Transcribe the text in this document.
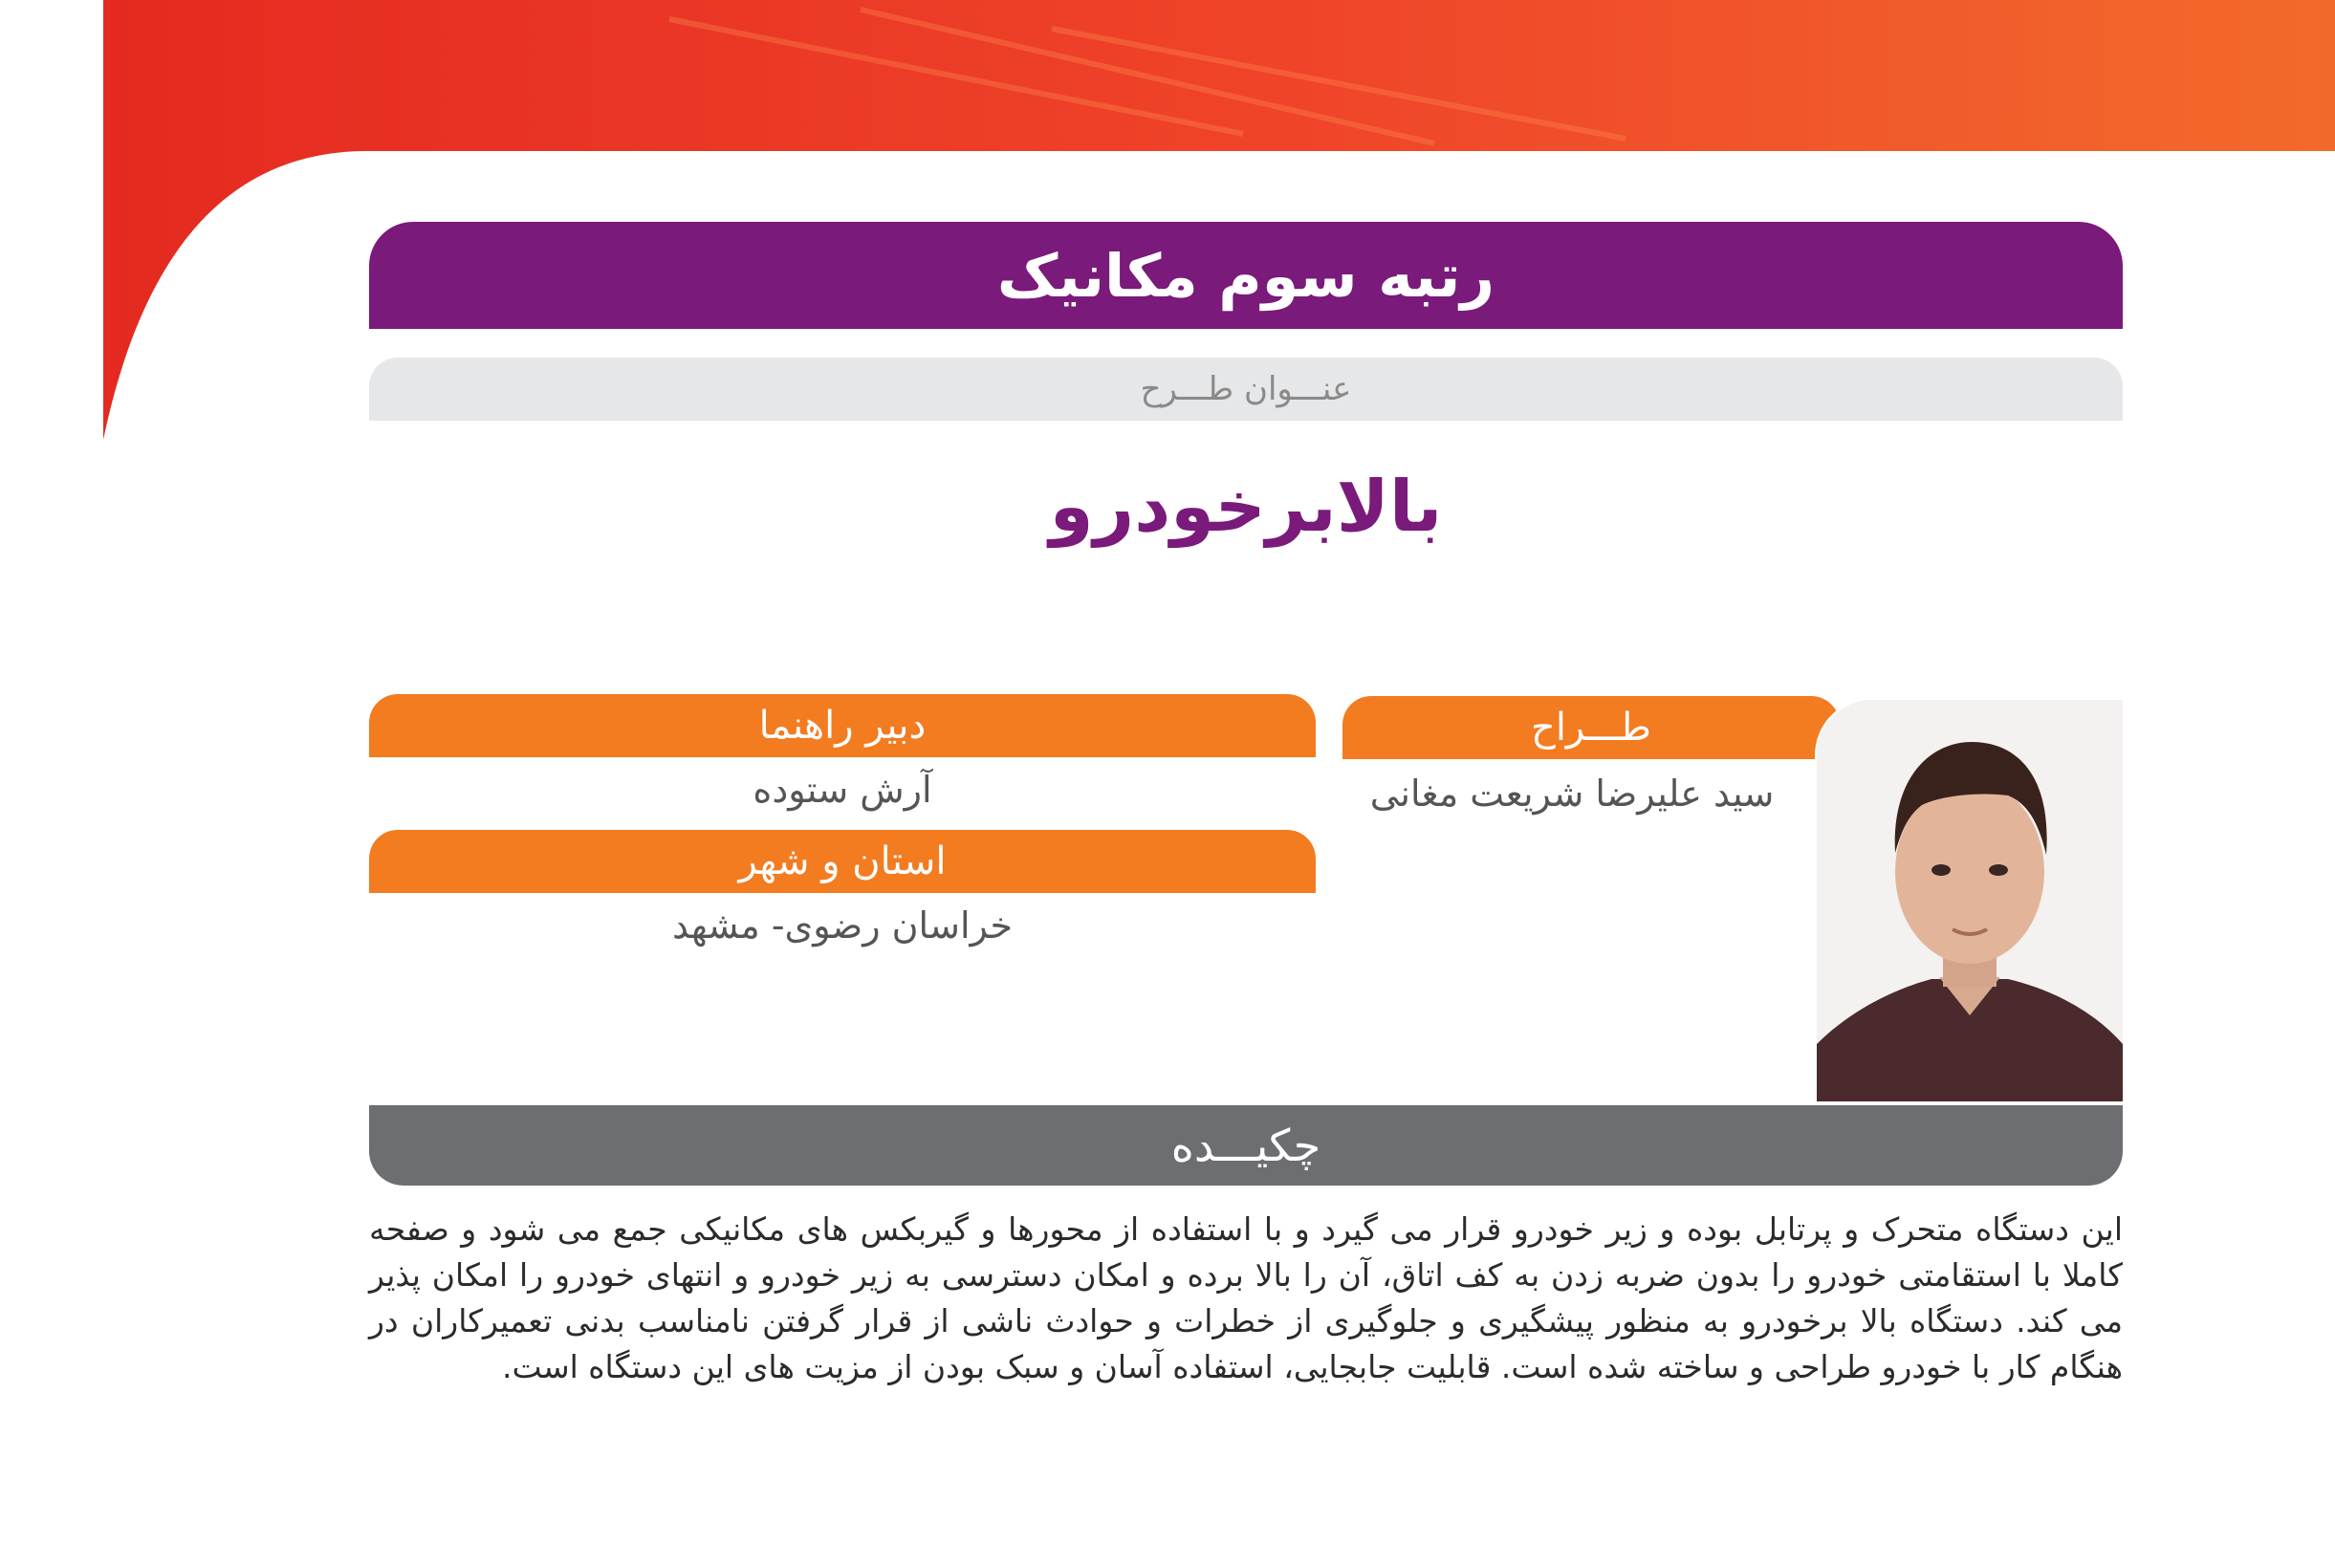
رتبه سوم مکانیک
عنـــوان طـــرح
بالابرخودرو
طـــراح
سید علیرضا شریعت مغانی
دبیر راهنما
آرش ستوده
استان و شهر
خراسان رضوی- مشهد
چکیـــده
این دستگاه متحرک و پرتابل بوده و زیر خودرو قرار می گیرد و با استفاده از محورها و گیربکس های مکانیکی جمع می شود و صفحه کاملا با استقامتی خودرو را بدون ضربه زدن به کف اتاق، آن را بالا برده و امکان دسترسی به زیر خودرو و انتهای خودرو را امکان پذیر می کند. دستگاه بالا برخودرو به منظور پیشگیری و جلوگیری از خطرات و حوادث ناشی از قرار گرفتن نامناسب بدنی تعمیرکاران در هنگام کار با خودرو طراحی و ساخته شده است. قابلیت جابجایی، استفاده آسان و سبک بودن از مزیت های این دستگاه است.
